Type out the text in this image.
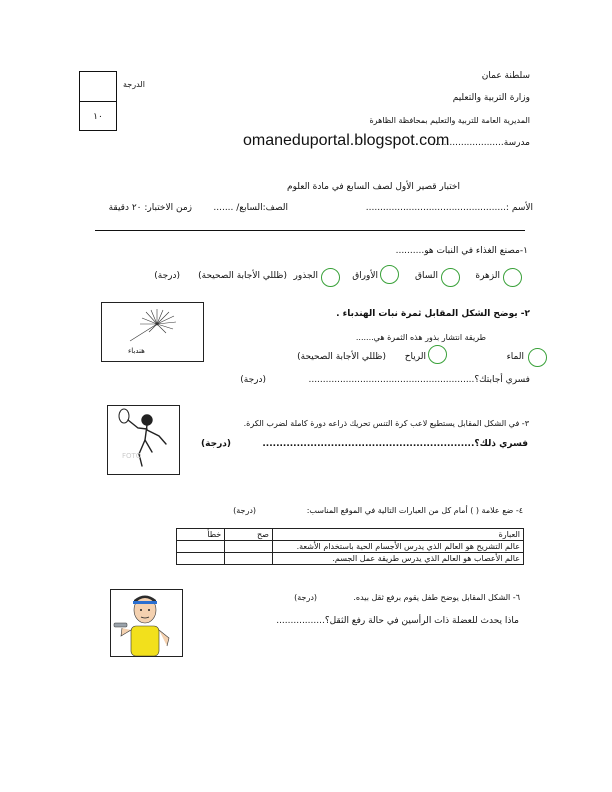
سلطنة عمان
وزارة التربية والتعليم
المديرية العامة للتربية والتعليم بمحافظة الظاهرة
مدرسة.........................
omaneduportal.blogspot.com
١٠
الدرجة
اختبار قصير الأول لصف السابع في مادة العلوم
الأسم :.................................................
الصف:السابع/ .......
زمن الاختبار: ٢٠ دقيقة
١-مصنع الغذاء في النبات هو..........
الزهرة
الساق
الأوراق
الجذور
(ظللي الأجابة الصحيحة)
(درجة)
هندباء
٢- يوضح الشكل المقابل ثمرة نبات الهندباء .
طريقة انتشار بذور هذه الثمرة هي.......
الماء
الرياح
(ظللي الأجابة الصحيحة)
فسري أجابتك؟..........................................................
(درجة)
FOTO
٣- في الشكل المقابل يستطيع لاعب كرة التنس تحريك ذراعه دورة كاملة لضرب الكرة.
فسري ذلك؟..............................................................
(درجة)
٤- ضع علامة ( ) أمام كل من العبارات التالية في الموقع المناسب:
(درجة)
العبارة	صح	خطأ
عالم التشريح هو العالم الذي يدرس الأجسام الحية باستخدام الأشعة.		
عالم الأعصاب هو العالم الذي يدرس طريقة عمل الجسم.		
٦- الشكل المقابل يوضح طفل يقوم برفع ثقل بيده.
(درجة)
ماذا يحدث للعضلة ذات الرأسين في حالة رفع الثقل؟.................
